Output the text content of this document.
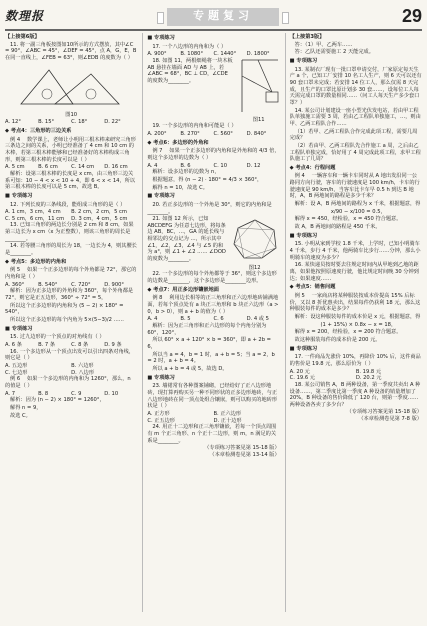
数理报	专题复习	29
【上接第6版】
11. 将一副三角板按图如10所示的方式摆放，其中∠C = 90°，∠ABC = 45°，∠DEF = 45°，点 A，G，E，B 在同一直线上，∠FEB = 63°，则∠EDB 的度数为（ ）
图10
A. 12°	B. 15°	C. 18°	D. 22°
◆ 考点4：三角形的三边关系
例 4 　数学课上，老师让小明用三根木棒来研究三角形三条边之间的关系，小明已经准备了 4 cm 和 10 cm 的木棒，若第三根木棒能够和已经准备好的木棒构成三角形，则第三根木棒的长度可以是（ ）
A. 5 cm	B. 6 cm	C. 14 cm	D. 16 cm
解析：设第三根木棒的长度是 x cm，由三角形三边关系可知：10 − 4 < x < 10 + 4，即 6 < x < 14，所以第三根木棒的长度可以是 5 cm，故选 B。
■ 专项练习
12. 下列长度的三条线段，能组成三角形的是（ ）
A. 1 cm，3 cm，4 cm	B. 2 cm，2 cm，5 cm
C. 5 cm，6 cm，11 cm	D. 3 cm，4 cm，5 cm
13. 已知三角形的两边长分别是 2 cm 和 8 cm，如果第三边长为 x cm（x 为正整数），则该三角形的周长是________。
14. 若等腰三角形的周长为 18，一边长为 4，则其腰长是________。
◆ 考点5：多边形的内角和
例 5 　如果一个正多边形的每个外角都是 72°，那它的内角和是（ ）
A. 360°	B. 540°	C. 720°	D. 900°
解析：因为正多边形的外角和为 360°，每个外角都是 72°，则它是正五边形，360° ÷ 72° = 5，
所以这个正多边形的内角和为 (5 − 2) × 180° = 540°，
所以这个正多边形的每个内角为 5×(5−3)/2 ……
■ 专项练习
15. 过九边形的一个顶点的对角线有（ ）
A. 6 条	B. 7 条	C. 8 条	D. 9 条
16. 一个多边形从一个顶点出发可以引出四条对角线，则它是（ ）
A. 五边形	B. 六边形
C. 七边形	D. 八边形
例 6 　如果一个多边形的内角和为 1260°，那么，n 的值是（ ）
A. 7	B. 8	C. 9	D. 10
解析：因为 (n − 2) × 180° = 1260°，
解得 n = 9，
故选 C。
■ 专项练习
17. 一个八边形的内角和为（ ）
A. 900°	B. 1080°	C. 1440°	D. 1800°
18. 如图 11，两根细绳将一块木板 AB 悬挂在墙面 AD 与 AB 上，若 ∠ABC = 68°，BC ⊥ CD，∠CDE 的度数为________。
图11
19. 一个多边形的内角和可能是（ ）
A. 200°	B. 270°	C. 560°	D. 840°
◆ 考点6：多边形的外角和
例 7 　如果一个正多边形的内角和是外角和的 4/3 倍，则这个多边形的边数为（ ）
A. 4	B. 6	C. 10	D. 12
解析：设多边形的边数为 n，
根据题意，得 (n − 2) · 180° = 4/3 × 360°，
解得 n = 10，故选 C。
■ 专项练习
20. 若正多边形的一个外角是 30°，则它的内角和是________。
21. 如图 12 所示，已知 ABCDEFG 为任意七边形，将每条边 AB，BC，…，GA 的延长线与相邻边的交点记为 …，所示其中 ∠1，∠2，∠3，∠4 与 ∠5 的和为 a°，则 ∠1 + ∠2 …… ∠DOD 的度数为________。
图12
22. 一个多边形的每个外角都等于 36°，则这个多边形的边数是________，这个多边形是________边形。
◆ 考点7：用正多边形镶嵌地面
例 8 　利用边长相等的正三角形和正六边形地砖铺满地面，若每个顶点处有 a 块正三角形和 b 块正六边形（a > 0，b > 0），则 a + b 的值为（ ）
A. 4	B. 5	C. 6	D. 4 或 5
解析：因为正三角形和正六边形的每个内角分别为 60°，120°，
所以 60° × a + 120° × b = 360°，即 a + 2b = 6，
所以当 a = 4，b = 1 时，a + b = 5；当 a = 2，b = 2 时，a + b = 4。
所以 a + b = 4 或 5，故选 D。
■ 专项练习
23. 墙裙常有各种图案铺砌，已经给好了正八边形地砖，现打算再购买另一种不同形状的正多边形地砖，与正八边形地砖在同一顶点处组合镶嵌，则可以购买的地砖形状是（ ）
A. 正方形	B. 正六边形
C. 正五边形	D. 正十边形
24. 用正十二边形和正三角形镶嵌，若每一个顶点周围有 m 个正三角形、n 个正十二边形，则 m，n 满足的关系是________。
（专项练习答案见第 15-18 版）
（本章检测卷见第 13-14 版）
【上接第3版】
答：（1）甲、乙两车……
答：乙队还需要施工 2 天能完成。
■ 专项练习
13. 某制衣厂现有一批口罩申请交付，厂家原定每天生产 a 个，已知工厂安排 10 名工人生产，则 6 天可以还有 90 套口罩未完成；若安排 14 位工人，那么仅需 8 天完成，且生产的口罩比原计划多 30 套……，设每位工人每天需完成口罩的数量相同……（问工人每天生产多少套口罩？）
14. 某公司计划建设一座小型光伏发电站，若由甲工程队单独施工需要 3 周，若由乙工程队单独施工，…，则由甲、乙两工程队合作……
（1）若甲、乙两工程队合作完成此项工程，需要几周完成？
（2）若由甲、乙两工程队先合作施工 a 周，之后由乙工程队单独完成，恰好用了 4 周完成此项工程，求甲工程队施工了几周？
◆ 考点4：行程问题
例 4 　一辆客车和一辆卡车同时从 A 地出发沿同一公路同方向行驶，客车的行驶速度是 100 km/h，卡车的行驶速度是 90 km/h，当客车比卡车早 0.5 h 到达 B 地时，A，B 两地间的路程是多少千米？
解析：设 A，B 两地间的路程为 x 千米，根据题意，得
x/90 − x/100 = 0.5，
解得 x = 450，经检验，x = 450 符合题意。
故 A，B 两地间的路程是 450 千米。
■ 专项练习
15. 小明从家到学校 1.8 千米，上学时，已知小明骑车 4 千米，步行 4 千米，他两骑车比步行……分钟，那么小明骑车的速度为多少？
16. 某快递员按时要去往规定时间内从甲地到乙地的距离，如果他按照原速度行驶，他比规定时间晚 30 分钟到达；如果速度……
◆ 考点5：销售问题
例 5 　一家商店将某种服装按成本价提高 15% 后标价，又以 8 折优惠卖出，结果每件仍获利 18 元，那么这种服装每件的成本是多少？
解析：设这种服装每件的成本价是 x 元，根据题意，得
(1 + 15%) × 0.8x − x = 18，
解得 x = 200，经检验，x = 200 符合题意。
故这种服装每件的成本价是 200 元。
■ 专项练习
17. 一件商品先涨价 10%，再降价 10% 后，这件商品的售价是 19.8 元，那么原价为（ ）
A. 20 元	B. 19.8 元
C. 19.6 元	D. 20.2 元
18. 某公司销售 A，B 两种设备，第一季度共卖出 A 种设备……，第二季度比第一季度 A 种设备的销量增加了 20%，B 种设备的售价降低了 120 台，则第一季度……两种设备各卖了多少台？
（专项练习答案见第 15-18 版）
（本章检测卷见第 7-8 版）
